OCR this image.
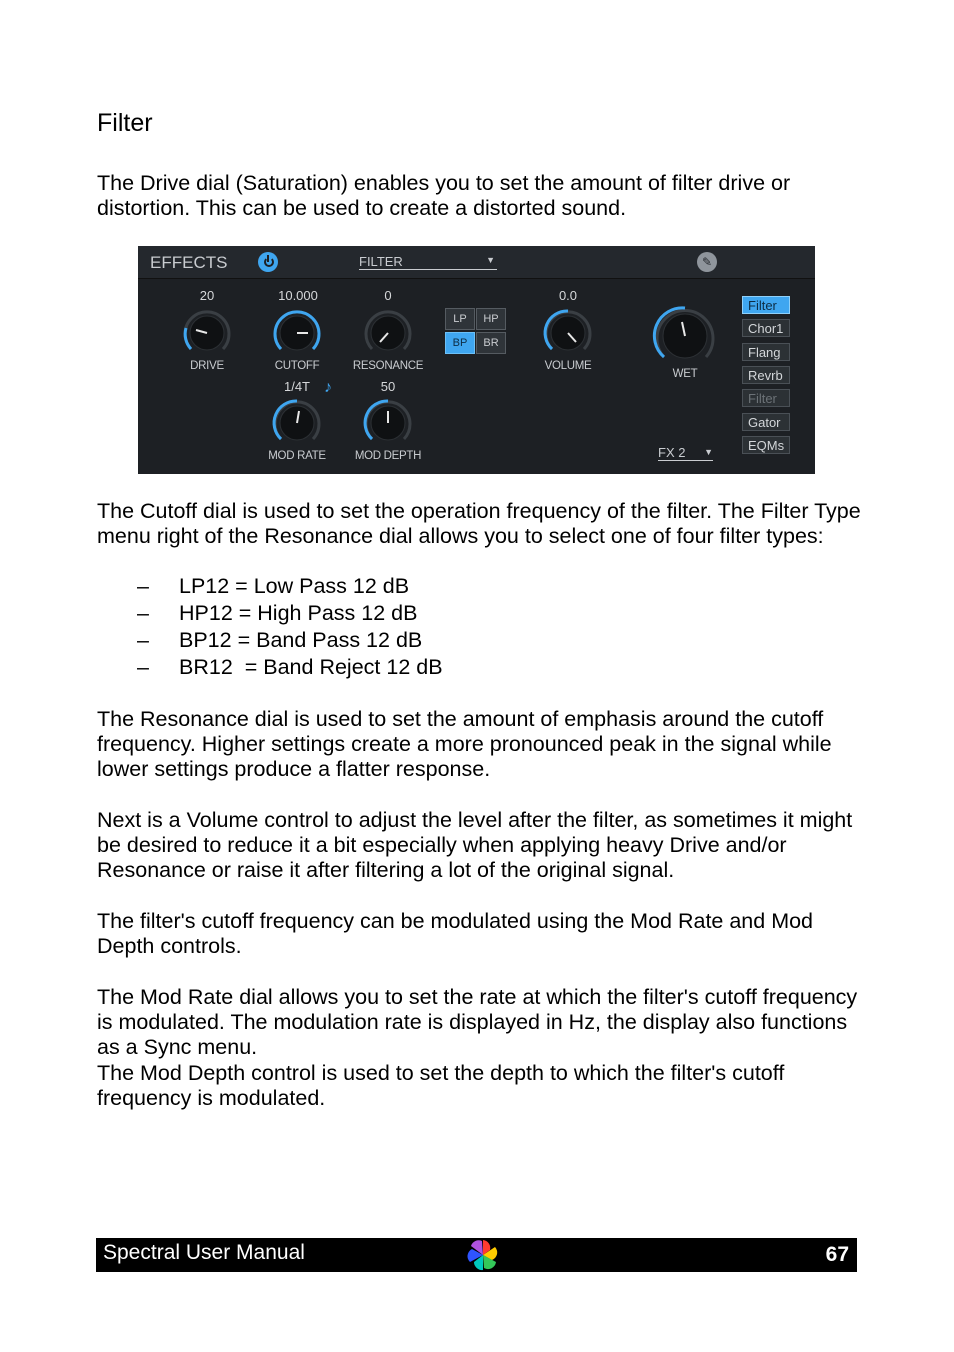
Filter

The Drive dial (Saturation) enables you to set the amount of filter drive or distortion. This can be used to create a distorted sound.

EFFECTS	FILTER	▼	✎
20	10.000	0	0.0
1/4T ♪	50
DRIVE	CUTOFF	RESONANCE	VOLUME
WET
MOD RATE	MOD DEPTH
LP	HP
BP	BR
Filter
Chor1
Flang
Revrb
Filter
Gator
EQMs
FX 2 ▼

The Cutoff dial is used to set the operation frequency of the filter. The Filter Type menu right of the Resonance dial allows you to select one of four filter types:

– LP12 = Low Pass 12 dB
– HP12 = High Pass 12 dB
– BP12 = Band Pass 12 dB
– BR12  = Band Reject 12 dB

The Resonance dial is used to set the amount of emphasis around the cutoff frequency. Higher settings create a more pronounced peak in the signal while lower settings produce a flatter response.

Next is a Volume control to adjust the level after the filter, as sometimes it might be desired to reduce it a bit especially when applying heavy Drive and/or Resonance or raise it after filtering a lot of the original signal.

The filter's cutoff frequency can be modulated using the Mod Rate and Mod Depth controls.

The Mod Rate dial allows you to set the rate at which the filter's cutoff frequency is modulated. The modulation rate is displayed in Hz, the display also functions as a Sync menu.

The Mod Depth control is used to set the depth to which the filter's cutoff frequency is modulated.

Spectral User Manual	67
